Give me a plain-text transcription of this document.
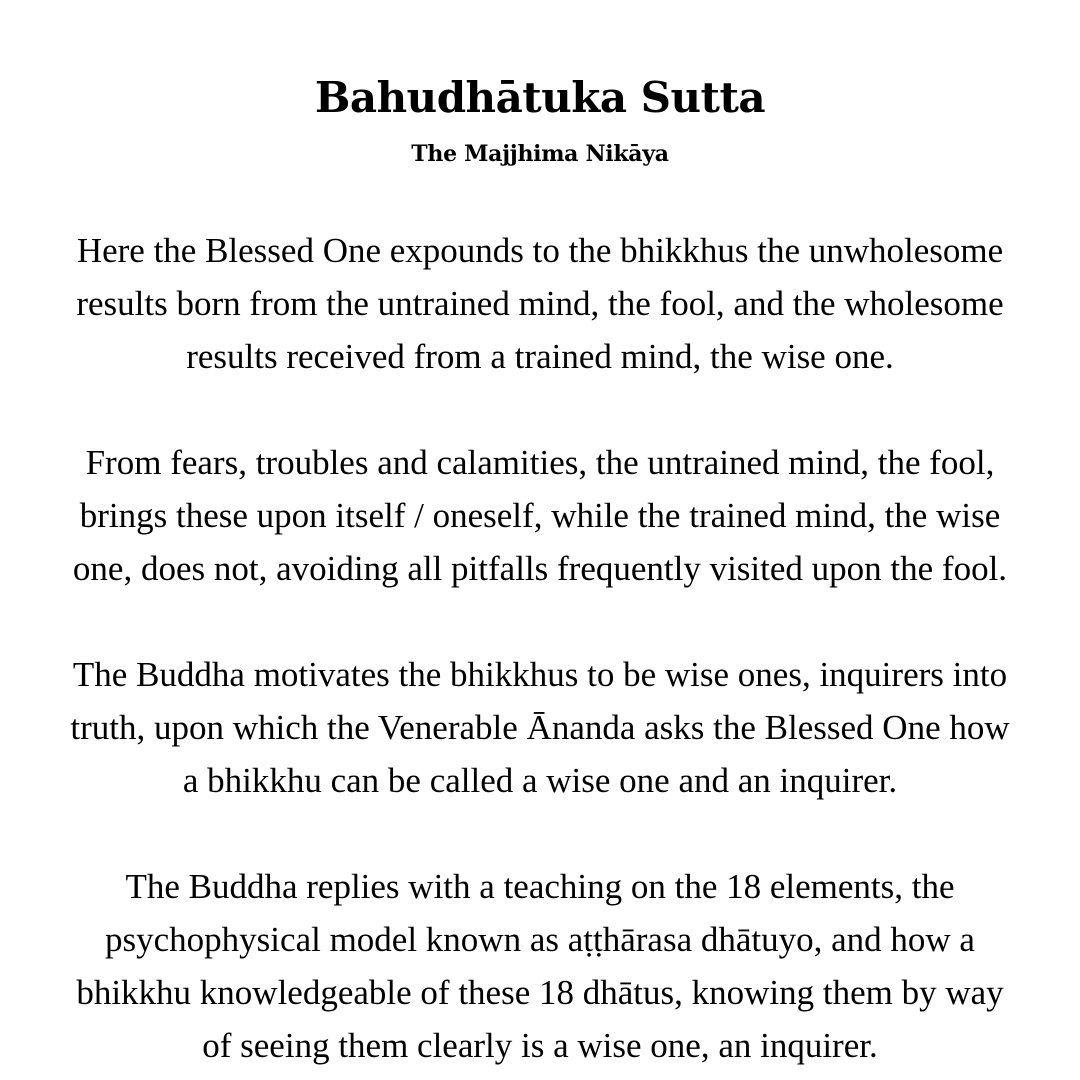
Bahudhātuka Sutta
The Majjhima Nikāya

Here the Blessed One expounds to the bhikkhus the unwholesome
results born from the untrained mind, the fool, and the wholesome
results received from a trained mind, the wise one.

From fears, troubles and calamities, the untrained mind, the fool,
brings these upon itself / oneself, while the trained mind, the wise
one, does not, avoiding all pitfalls frequently visited upon the fool.

The Buddha motivates the bhikkhus to be wise ones, inquirers into
truth, upon which the Venerable Ānanda asks the Blessed One how
a bhikkhu can be called a wise one and an inquirer.

The Buddha replies with a teaching on the 18 elements, the
psychophysical model known as aṭṭhārasa dhātuyo, and how a
bhikkhu knowledgeable of these 18 dhātus, knowing them by way
of seeing them clearly is a wise one, an inquirer.
